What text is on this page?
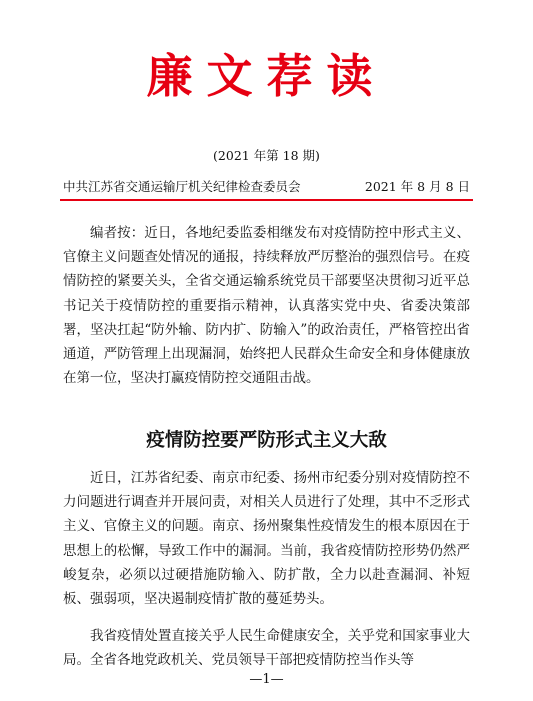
廉文荐读
(2021 年第 18 期)
中共江苏省交通运输厅机关纪律检查委员会	2021 年 8 月 8 日
编者按：近日，各地纪委监委相继发布对疫情防控中形式主义、官僚主义问题查处情况的通报，持续释放严厉整治的强烈信号。在疫情防控的紧要关头，全省交通运输系统党员干部要坚决贯彻习近平总书记关于疫情防控的重要指示精神，认真落实党中央、省委决策部署，坚决扛起“防外输、防内扩、防输入”的政治责任，严格管控出省通道，严防管理上出现漏洞，始终把人民群众生命安全和身体健康放在第一位，坚决打赢疫情防控交通阻击战。
疫情防控要严防形式主义大敌
近日，江苏省纪委、南京市纪委、扬州市纪委分别对疫情防控不力问题进行调查并开展问责，对相关人员进行了处理，其中不乏形式主义、官僚主义的问题。南京、扬州聚集性疫情发生的根本原因在于思想上的松懈，导致工作中的漏洞。当前，我省疫情防控形势仍然严峻复杂，必须以过硬措施防输入、防扩散，全力以赴查漏洞、补短板、强弱项，坚决遏制疫情扩散的蔓延势头。
我省疫情处置直接关乎人民生命健康安全，关乎党和国家事业大局。全省各地党政机关、党员领导干部把疫情防控当作头等
—1—
